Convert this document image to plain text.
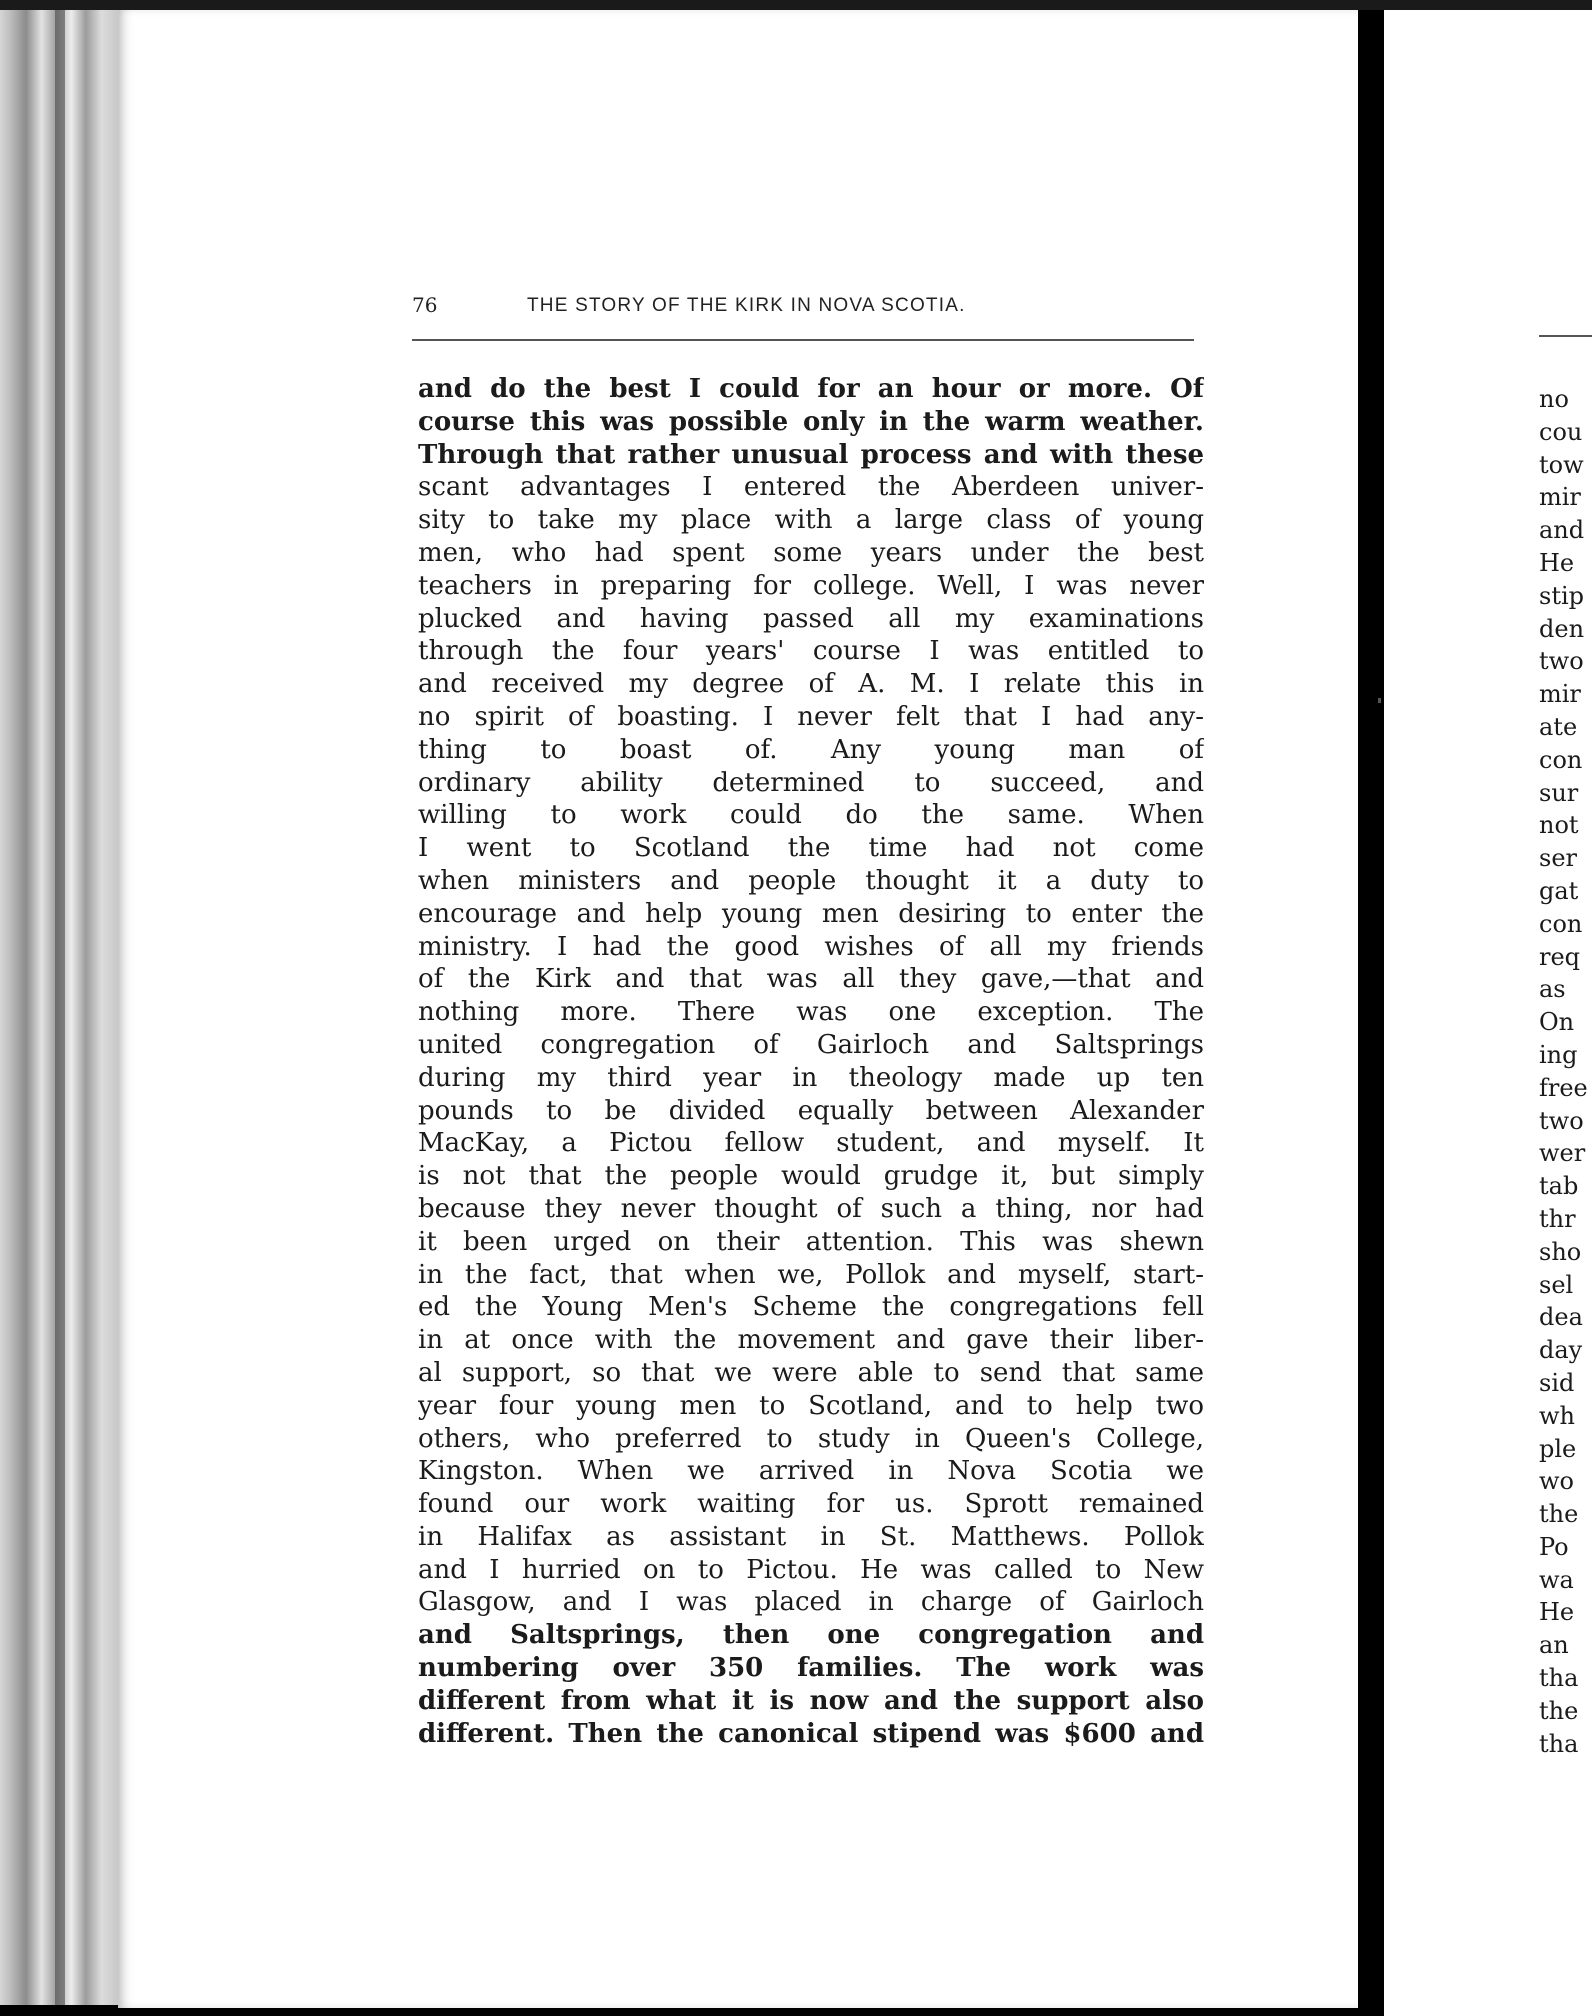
76	THE STORY OF THE KIRK IN NOVA SCOTIA.
and do the best I could for an hour or more. Of
course this was possible only in the warm weather.
Through that rather unusual process and with these
scant advantages I entered the Aberdeen univer-
sity to take my place with a large class of young
men, who had spent some years under the best
teachers in preparing for college. Well, I was never
plucked and having passed all my examinations
through the four years' course I was entitled to
and received my degree of A. M. I relate this in
no spirit of boasting. I never felt that I had any-
thing to boast of. Any young man of
ordinary ability determined to succeed, and
willing to work could do the same. When
I went to Scotland the time had not come
when ministers and people thought it a duty to
encourage and help young men desiring to enter the
ministry. I had the good wishes of all my friends
of the Kirk and that was all they gave,—that and
nothing more. There was one exception. The
united congregation of Gairloch and Saltsprings
during my third year in theology made up ten
pounds to be divided equally between Alexander
MacKay, a Pictou fellow student, and myself. It
is not that the people would grudge it, but simply
because they never thought of such a thing, nor had
it been urged on their attention. This was shewn
in the fact, that when we, Pollok and myself, start-
ed the Young Men's Scheme the congregations fell
in at once with the movement and gave their liber-
al support, so that we were able to send that same
year four young men to Scotland, and to help two
others, who preferred to study in Queen's College,
Kingston. When we arrived in Nova Scotia we
found our work waiting for us. Sprott remained
in Halifax as assistant in St. Matthews. Pollok
and I hurried on to Pictou. He was called to New
Glasgow, and I was placed in charge of Gairloch
and Saltsprings, then one congregation and
numbering over 350 families. The work was
different from what it is now and the support also
different. Then the canonical stipend was $600 and
no
cou
tow
mir
and
He
stip
den
two
mir
ate
con
sur
not
ser
gat
con
req
as
On
ing
free
two
wer
tab
thr
sho
sel
dea
day
sid
wh
ple
wo
the
Po
wa
He
an
tha
the
tha
